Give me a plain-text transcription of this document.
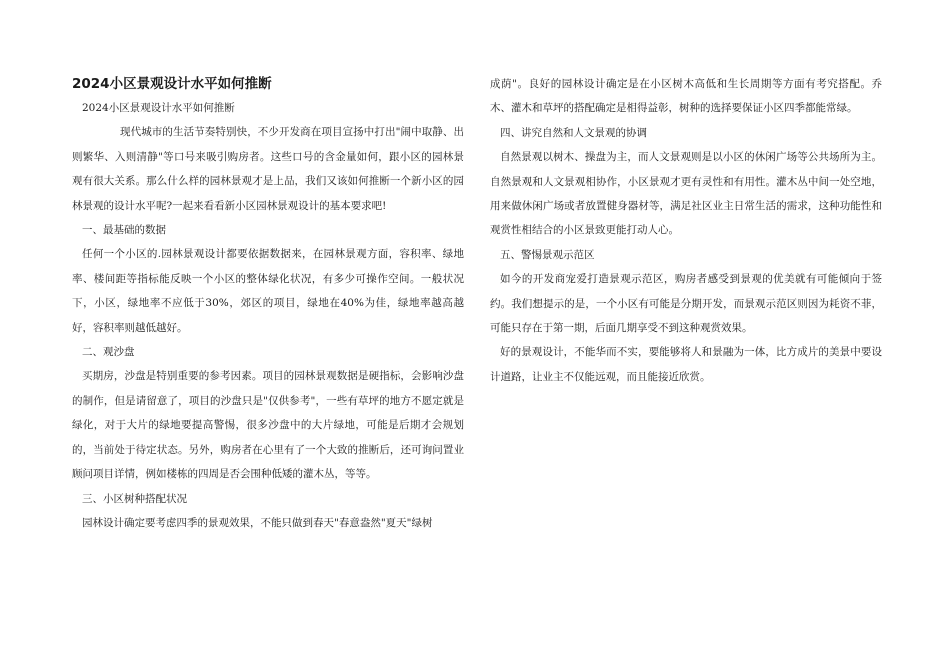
2024小区景观设计水平如何推断

2024小区景观设计水平如何推断

现代城市的生活节奏特别快，不少开发商在项目宣扬中打出"闹中取静、出则繁华、入则清静"等口号来吸引购房者。这些口号的含金量如何，跟小区的园林景观有很大关系。那么什么样的园林景观才是上品，我们又该如何推断一个新小区的园林景观的设计水平呢?一起来看看新小区园林景观设计的基本要求吧!

一、最基础的数据

任何一个小区的.园林景观设计都要依据数据来，在园林景观方面，容积率、绿地率、楼间距等指标能反映一个小区的整体绿化状况，有多少可操作空间。一般状况下，小区，绿地率不应低于30%，郊区的项目，绿地在40%为佳，绿地率越高越好，容积率则越低越好。

二、观沙盘

买期房，沙盘是特别重要的参考因素。项目的园林景观数据是硬指标，会影响沙盘的制作，但是请留意了，项目的沙盘只是"仅供参考"，一些有草坪的地方不愿定就是绿化，对于大片的绿地要提高警惕，很多沙盘中的大片绿地，可能是后期才会规划的，当前处于待定状态。另外，购房者在心里有了一个大致的推断后，还可询问置业顾问项目详情，例如楼栋的四周是否会围种低矮的灌木丛，等等。

三、小区树种搭配状况

园林设计确定要考虑四季的景观效果，不能只做到春天"春意盎然"夏天"绿树

成荫"。良好的园林设计确定是在小区树木高低和生长周期等方面有考究搭配。乔木、灌木和草坪的搭配确定是相得益彰，树种的选择要保证小区四季都能常绿。

四、讲究自然和人文景观的协调

自然景观以树木、操盘为主，而人文景观则是以小区的休闲广场等公共场所为主。自然景观和人文景观相协作，小区景观才更有灵性和有用性。灌木丛中间一处空地，用来做休闲广场或者放置健身器材等，满足社区业主日常生活的需求，这种功能性和观赏性相结合的小区景致更能打动人心。

五、警惕景观示范区

如今的开发商宠爱打造景观示范区，购房者感受到景观的优美就有可能倾向于签约。我们想提示的是，一个小区有可能是分期开发，而景观示范区则因为耗资不菲，可能只存在于第一期，后面几期享受不到这种观赏效果。

好的景观设计，不能华而不实，要能够将人和景融为一体，比方成片的美景中要设计道路，让业主不仅能远观，而且能接近欣赏。
